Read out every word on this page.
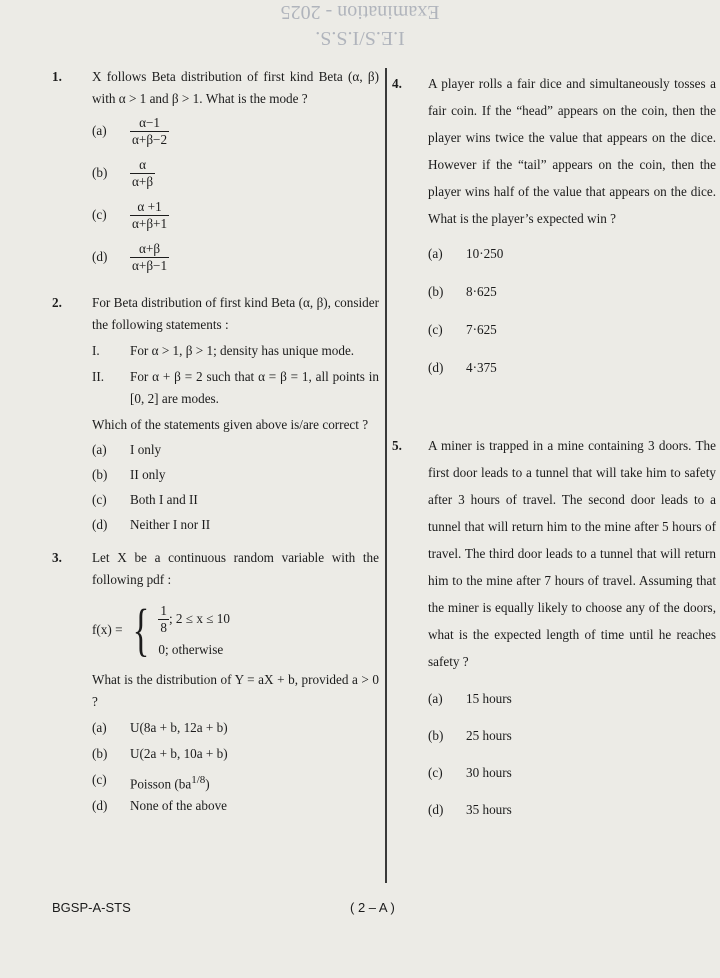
Examination - 2025
I.E.S/I.S.S.
1. X follows Beta distribution of first kind Beta (α, β) with α > 1 and β > 1. What is the mode ?
(a)	$\frac{\alpha-1}{\alpha+\beta-2}$
(b)	$\frac{\alpha}{\alpha+\beta}$
(c)	$\frac{\alpha +1}{\alpha+\beta+1}$
(d)	$\frac{\alpha+\beta}{\alpha+\beta-1}$
2. For Beta distribution of first kind Beta (α, β), consider the following statements :
I. For α > 1, β > 1; density has unique mode.
II. For α + β = 2 such that α = β = 1, all points in [0, 2] are modes.
Which of the statements given above is/are correct ?
(a) I only
(b) II only
(c) Both I and II
(d) Neither I nor II
3. Let X be a continuous random variable with the following pdf :
f(x) = { $\frac{1}{8}$ ; 2 ≤ x ≤ 10
0; otherwise
What is the distribution of Y = aX + b, provided a > 0 ?
(a) U(8a + b, 12a + b)
(b) U(2a + b, 10a + b)
(c) Poisson $(ba^{1/8})$
(d) None of the above
4. A player rolls a fair dice and simultaneously tosses a fair coin. If the “head” appears on the coin, then the player wins twice the value that appears on the dice. However if the “tail” appears on the coin, then the player wins half of the value that appears on the dice. What is the player’s expected win ?
(a) 10·250
(b) 8·625
(c) 7·625
(d) 4·375
5. A miner is trapped in a mine containing 3 doors. The first door leads to a tunnel that will take him to safety after 3 hours of travel. The second door leads to a tunnel that will return him to the mine after 5 hours of travel. The third door leads to a tunnel that will return him to the mine after 7 hours of travel. Assuming that the miner is equally likely to choose any of the doors, what is the expected length of time until he reaches safety ?
(a) 15 hours
(b) 25 hours
(c) 30 hours
(d) 35 hours
BGSP-A-STS	( 2 – A )
